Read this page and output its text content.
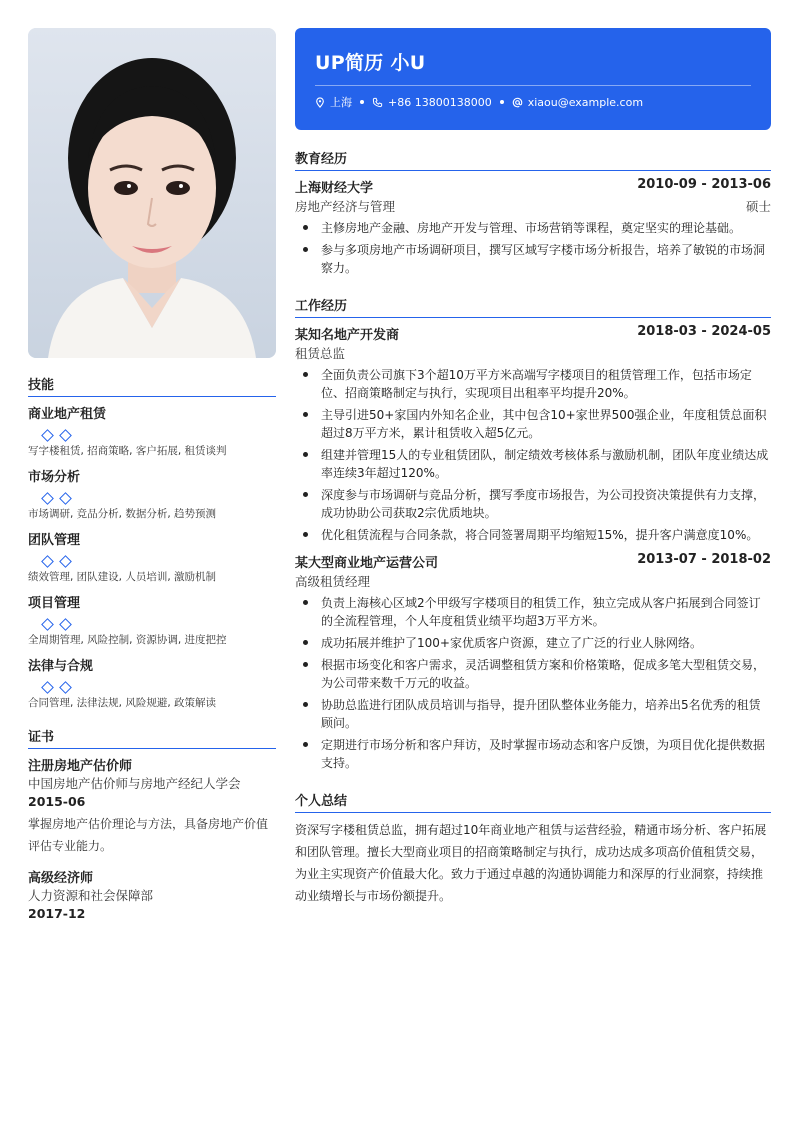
技能
商业地产租赁
写字楼租赁, 招商策略, 客户拓展, 租赁谈判
市场分析
市场调研, 竞品分析, 数据分析, 趋势预测
团队管理
绩效管理, 团队建设, 人员培训, 激励机制
项目管理
全周期管理, 风险控制, 资源协调, 进度把控
法律与合规
合同管理, 法律法规, 风险规避, 政策解读
证书
注册房地产估价师
中国房地产估价师与房地产经纪人学会
2015-06
掌握房地产估价理论与方法，具备房地产价值评估专业能力。
高级经济师
人力资源和社会保障部
2017-12
UP简历 小U
上海	+86 13800138000	xiaou@example.com
教育经历
上海财经大学	2010-09 - 2013-06
房地产经济与管理	硕士
主修房地产金融、房地产开发与管理、市场营销等课程，奠定坚实的理论基础。
参与多项房地产市场调研项目，撰写区域写字楼市场分析报告，培养了敏锐的市场洞察力。
工作经历
某知名地产开发商	2018-03 - 2024-05
租赁总监
全面负责公司旗下3个超10万平方米高端写字楼项目的租赁管理工作，包括市场定位、招商策略制定与执行，实现项目出租率平均提升20%。
主导引进50+家国内外知名企业，其中包含10+家世界500强企业，年度租赁总面积超过8万平方米，累计租赁收入超5亿元。
组建并管理15人的专业租赁团队，制定绩效考核体系与激励机制，团队年度业绩达成率连续3年超过120%。
深度参与市场调研与竞品分析，撰写季度市场报告，为公司投资决策提供有力支撑，成功协助公司获取2宗优质地块。
优化租赁流程与合同条款，将合同签署周期平均缩短15%，提升客户满意度10%。
某大型商业地产运营公司	2013-07 - 2018-02
高级租赁经理
负责上海核心区域2个甲级写字楼项目的租赁工作，独立完成从客户拓展到合同签订的全流程管理，个人年度租赁业绩平均超3万平方米。
成功拓展并维护了100+家优质客户资源，建立了广泛的行业人脉网络。
根据市场变化和客户需求，灵活调整租赁方案和价格策略，促成多笔大型租赁交易，为公司带来数千万元的收益。
协助总监进行团队成员培训与指导，提升团队整体业务能力，培养出5名优秀的租赁顾问。
定期进行市场分析和客户拜访，及时掌握市场动态和客户反馈，为项目优化提供数据支持。
个人总结
资深写字楼租赁总监，拥有超过10年商业地产租赁与运营经验，精通市场分析、客户拓展和团队管理。擅长大型商业项目的招商策略制定与执行，成功达成多项高价值租赁交易，为业主实现资产价值最大化。致力于通过卓越的沟通协调能力和深厚的行业洞察，持续推动业绩增长与市场份额提升。
